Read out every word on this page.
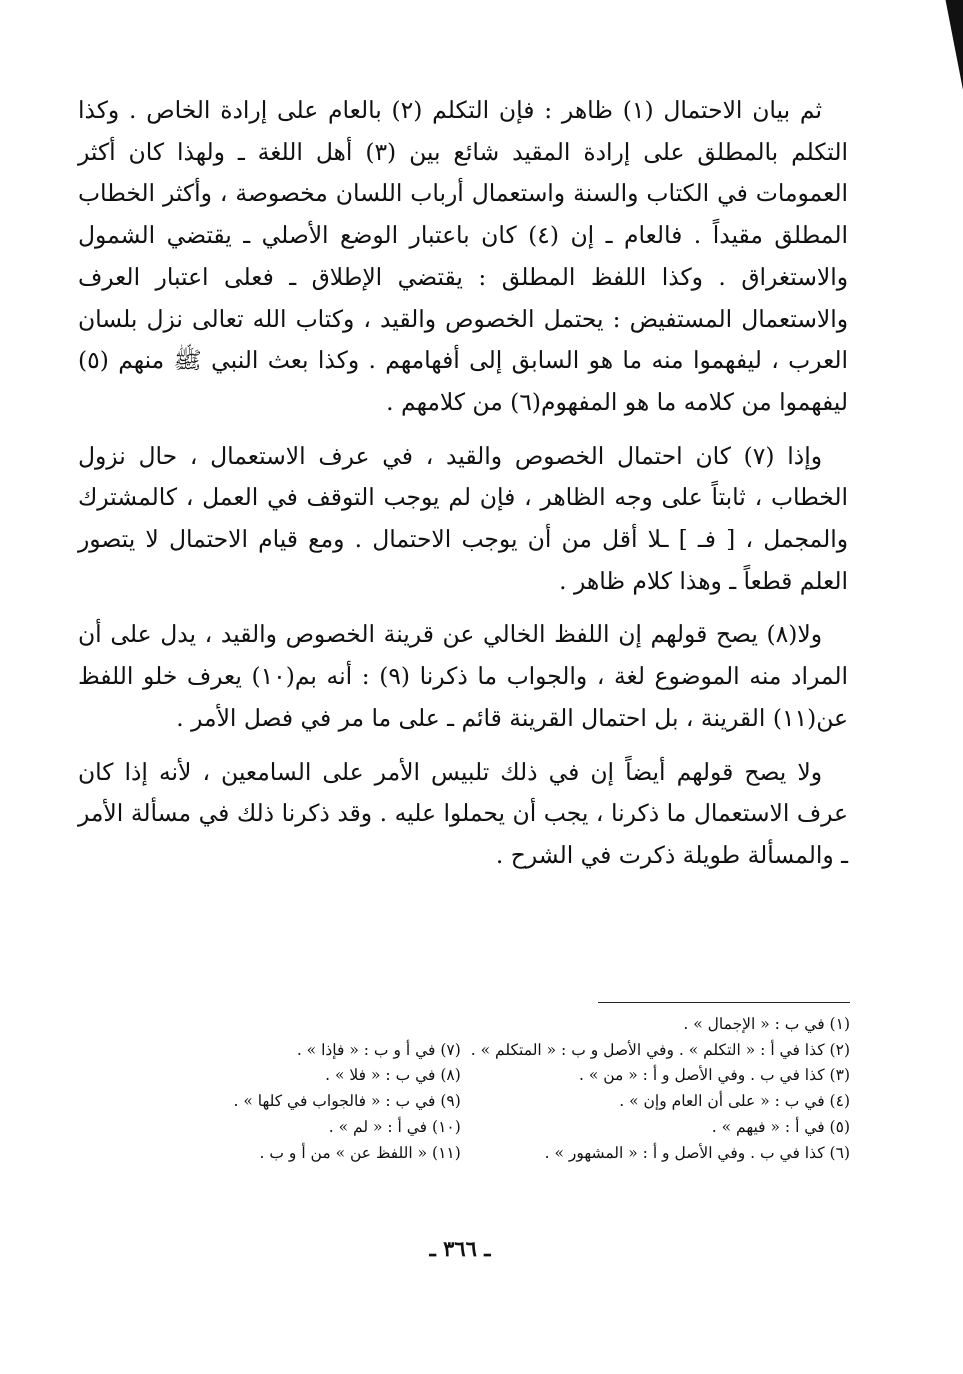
ثم بيان الاحتمال (١) ظاهر : فإن التكلم (٢) بالعام على إرادة الخاص . وكذا التكلم بالمطلق على إرادة المقيد شائع بين (٣) أهل اللغة ـ ولهذا كان أكثر العمومات في الكتاب والسنة واستعمال أرباب اللسان مخصوصة ، وأكثر الخطاب المطلق مقيداً . فالعام ـ إن (٤) كان باعتبار الوضع الأصلي ـ يقتضي الشمول والاستغراق . وكذا اللفظ المطلق : يقتضي الإطلاق ـ فعلى اعتبار العرف والاستعمال المستفيض : يحتمل الخصوص والقيد ، وكتاب الله تعالى نزل بلسان العرب ، ليفهموا منه ما هو السابق إلى أفهامهم . وكذا بعث النبي ﷺ منهم (٥) ليفهموا من كلامه ما هو المفهوم(٦) من كلامهم .

وإذا (٧) كان احتمال الخصوص والقيد ، في عرف الاستعمال ، حال نزول الخطاب ، ثابتاً على وجه الظاهر ، فإن لم يوجب التوقف في العمل ، كالمشترك والمجمل ، [ فـ ] ـلا أقل من أن يوجب الاحتمال . ومع قيام الاحتمال لا يتصور العلم قطعاً ـ وهذا كلام ظاهر .

ولا(٨) يصح قولهم إن اللفظ الخالي عن قرينة الخصوص والقيد ، يدل على أن المراد منه الموضوع لغة ، والجواب ما ذكرنا (٩) : أنه بم(١٠) يعرف خلو اللفظ عن(١١) القرينة ، بل احتمال القرينة قائم ـ على ما مر في فصل الأمر .

ولا يصح قولهم أيضاً إن في ذلك تلبيس الأمر على السامعين ، لأنه إذا كان عرف الاستعمال ما ذكرنا ، يجب أن يحملوا عليه . وقد ذكرنا ذلك في مسألة الأمر ـ والمسألة طويلة ذكرت في الشرح .

(١) في ب : « الإجمال » .
(٢) كذا في أ : « التكلم » . وفي الأصل و ب : « المتكلم » .
(٧) في أ و ب : « فإذا » .
(٣) كذا في ب . وفي الأصل و أ : « من » .
(٨) في ب : « فلا » .
(٤) في ب : « على أن العام وإن » .
(٩) في ب : « فالجواب في كلها » .
(٥) في أ : « فيهم » .
(١٠) في أ : « لم » .
(٦) كذا في ب . وفي الأصل و أ : « المشهور » .
(١١) « اللفظ عن » من أ و ب .
ـ ٣٦٦ ـ
